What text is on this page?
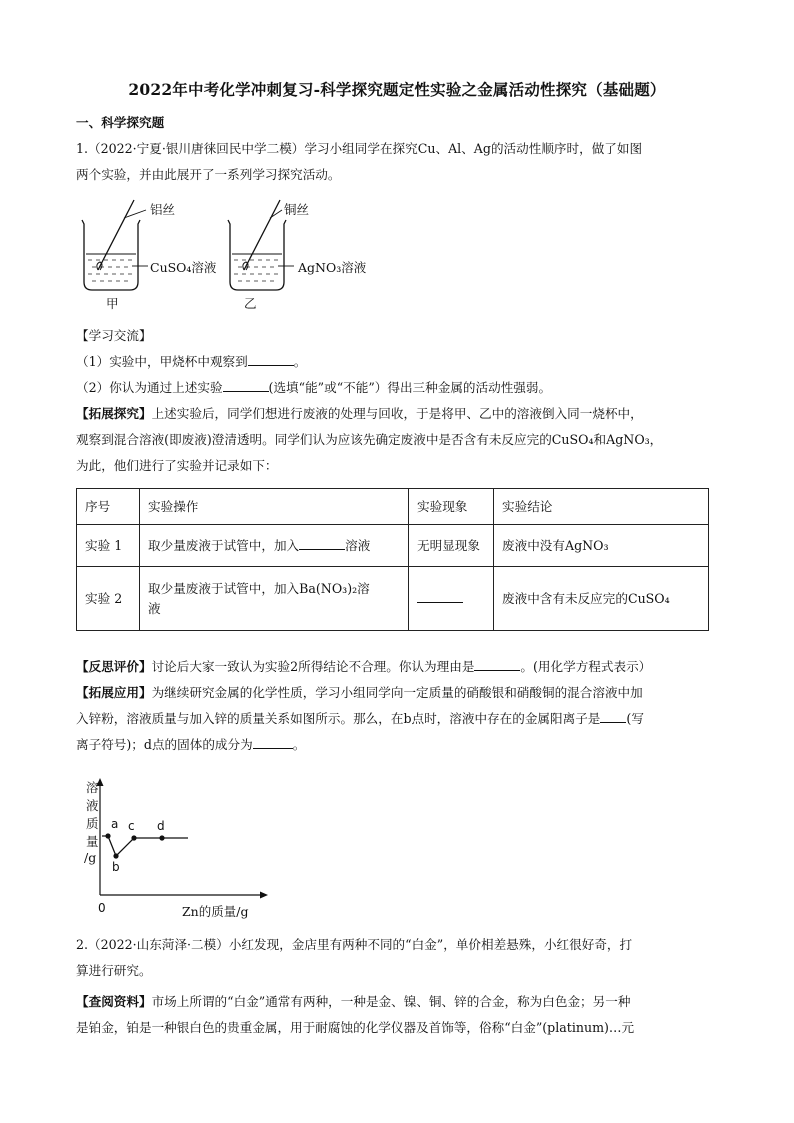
2022年中考化学冲刺复习-科学探究题定性实验之金属活动性探究（基础题）
一、科学探究题
1.（2022·宁夏·银川唐徕回民中学二模）学习小组同学在探究Cu、Al、Ag的活动性顺序时，做了如图
两个实验，并由此展开了一系列学习探究活动。
铝丝
CuSO₄溶液
甲
铜丝
AgNO₃溶液
乙
【学习交流】
（1）实验中，甲烧杯中观察到	。
（2）你认为通过上述实验	(选填“能”或“不能”）得出三种金属的活动性强弱。
【拓展探究】上述实验后，同学们想进行废液的处理与回收，于是将甲、乙中的溶液倒入同一烧杯中，
观察到混合溶液(即废液)澄清透明。同学们认为应该先确定废液中是否含有未反应完的CuSO₄和AgNO₃，
为此，他们进行了实验并记录如下：
序号	实验操作	实验现象	实验结论
实验 1	取少量废液于试管中，加入 溶液	无明显现象	废液中没有AgNO₃
实验 2	取少量废液于试管中，加入Ba(NO₃)₂溶
液		废液中含有未反应完的CuSO₄
【反思评价】讨论后大家一致认为实验2所得结论不合理。你认为理由是	。(用化学方程式表示）
【拓展应用】为继续研究金属的化学性质，学习小组同学向一定质量的硝酸银和硝酸铜的混合溶液中加
入锌粉，溶液质量与加入锌的质量关系如图所示。那么，在b点时，溶液中存在的金属阳离子是 (写
离子符号)；d点的固体的成分为	。
溶
液
质
量
/g
a
b
c d
0	Zn的质量/g
2.（2022·山东菏泽·二模）小红发现，金店里有两种不同的“白金”，单价相差悬殊，小红很好奇，打
算进行研究。
【查阅资料】市场上所谓的“白金”通常有两种，一种是金、镍、铜、锌的合金，称为白色金；另一种
是铂金，铂是一种银白色的贵重金属，用于耐腐蚀的化学仪器及首饰等，俗称“白金”(platinum)…元
